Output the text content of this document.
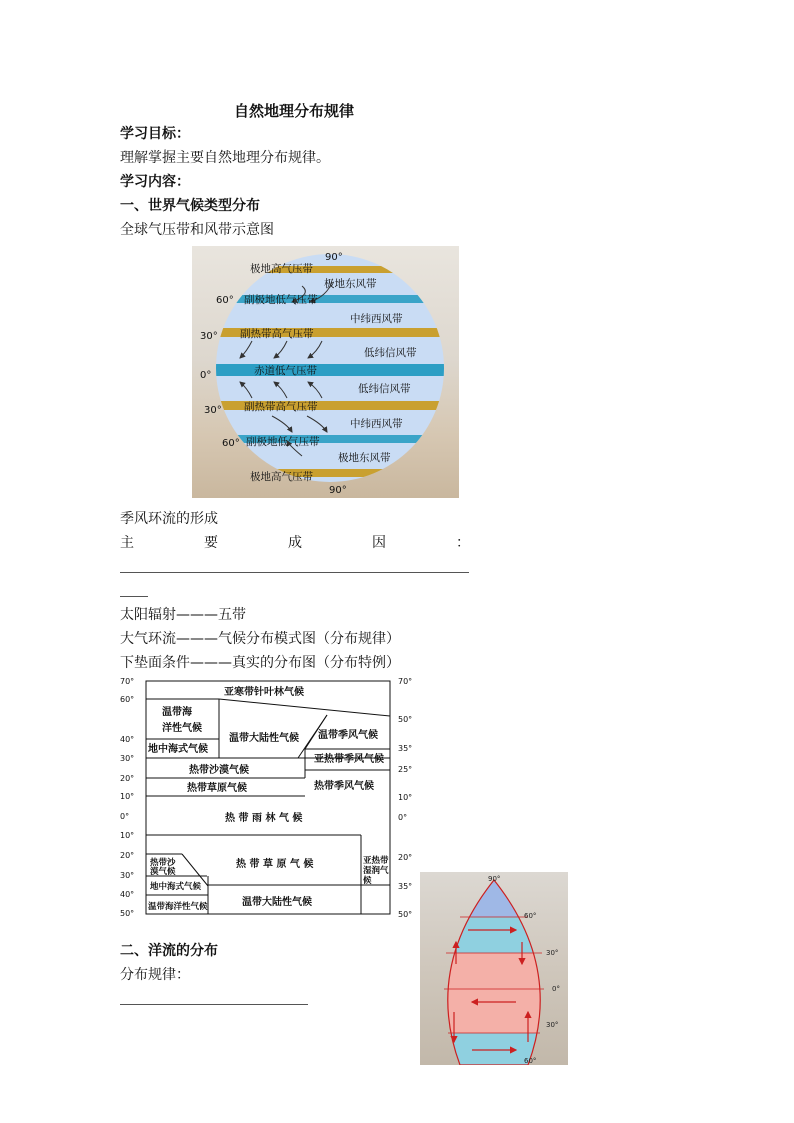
自然地理分布规律
学习目标：
理解掌握主要自然地理分布规律。
学习内容：
一、世界气候类型分布
全球气压带和风带示意图
90°
60°
30°
0°
30°
60°
90°
极地高气压带
副极地低气压带
副热带高气压带
赤道低气压带
副热带高气压带
副极地低气压带
极地高气压带
极地东风带
中纬西风带
低纬信风带
低纬信风带
中纬西风带
极地东风带
季风环流的形成
主	要	成	因	：
太阳辐射———五带
大气环流———气候分布模式图（分布规律）
下垫面条件———真实的分布图（分布特例）
70°
60°
40°
30°
20°
10°
0°
10°
20°
30°
40°
50°
70°
50°
35°
25°
10°
0°
20°
35°
50°
亚寒带针叶林气候
温带海
洋性气候
地中海式气候
温带大陆性气候 温带季风气候
亚热带季风气候
热带季风气候
热带沙漠气候
热带草原气候
热 带 雨 林 气 候
热带沙
漠气候
热 带 草 原 气 候	亚热带
湿润气
候
地中海式气候
温带海洋性气候	温带大陆性气候
90°
60°
30°
0°
30°
60°
二、洋流的分布
分布规律：
